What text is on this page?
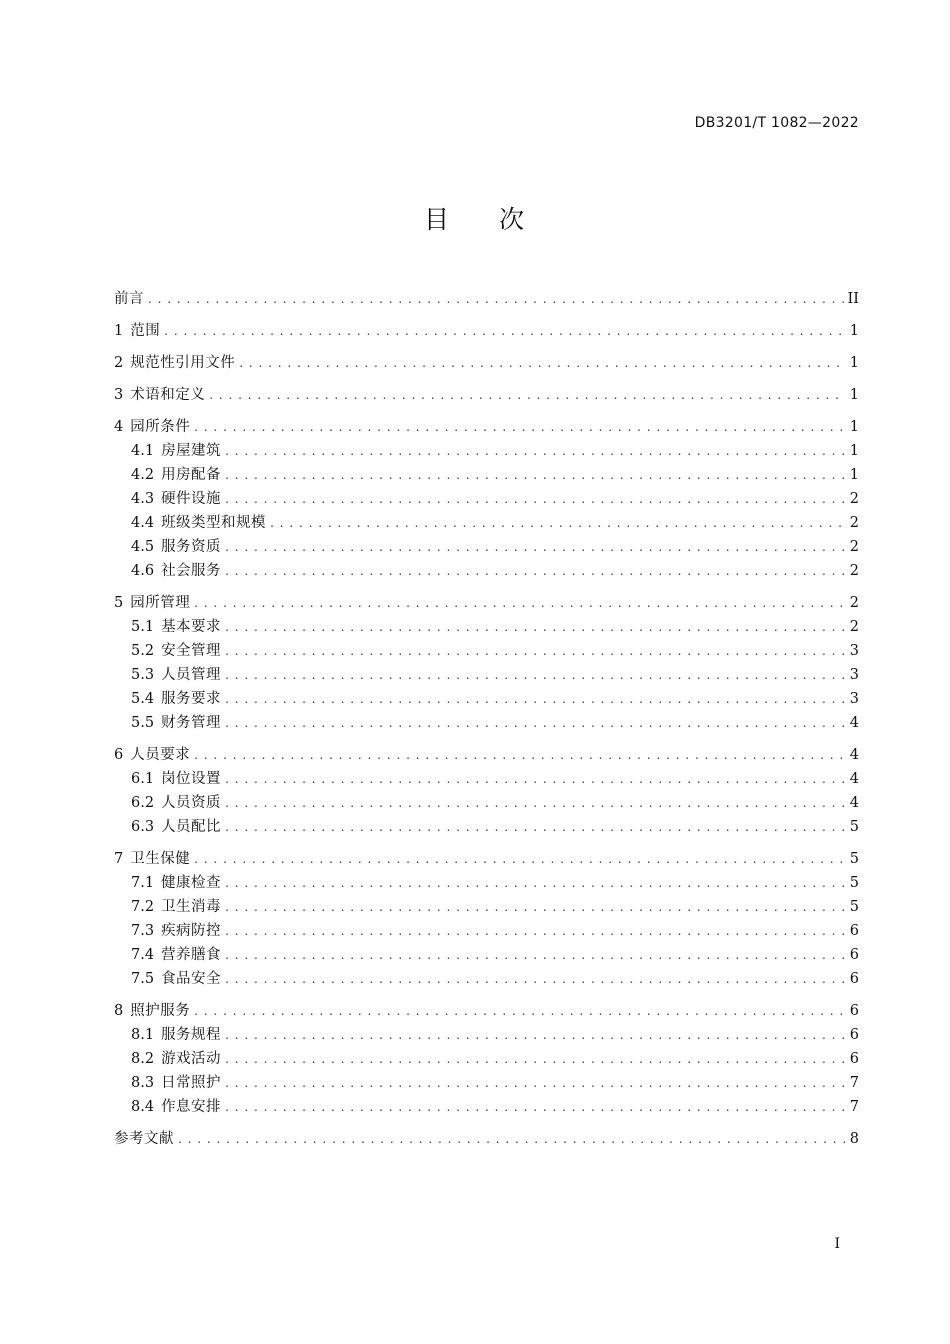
DB3201/T 1082—2022
目 次
前言 . . .	II
1 范围 . . .	1
2 规范性引用文件 . . .	1
3 术语和定义 . . .	1
4 园所条件 . . .	1
4.1 房屋建筑 . . .	1
4.2 用房配备 . . .	1
4.3 硬件设施 . . .	2
4.4 班级类型和规模 . . .	2
4.5 服务资质 . . .	2
4.6 社会服务 . . .	2
5 园所管理 . . .	2
5.1 基本要求 . . .	2
5.2 安全管理 . . .	3
5.3 人员管理 . . .	3
5.4 服务要求 . . .	3
5.5 财务管理 . . .	4
6 人员要求 . . .	4
6.1 岗位设置 . . .	4
6.2 人员资质 . . .	4
6.3 人员配比 . . .	5
7 卫生保健 . . .	5
7.1 健康检查 . . .	5
7.2 卫生消毒 . . .	5
7.3 疾病防控 . . .	6
7.4 营养膳食 . . .	6
7.5 食品安全 . . .	6
8 照护服务 . . .	6
8.1 服务规程 . . .	6
8.2 游戏活动 . . .	6
8.3 日常照护 . . .	7
8.4 作息安排 . . .	7
参考文献 . . .	8
I
